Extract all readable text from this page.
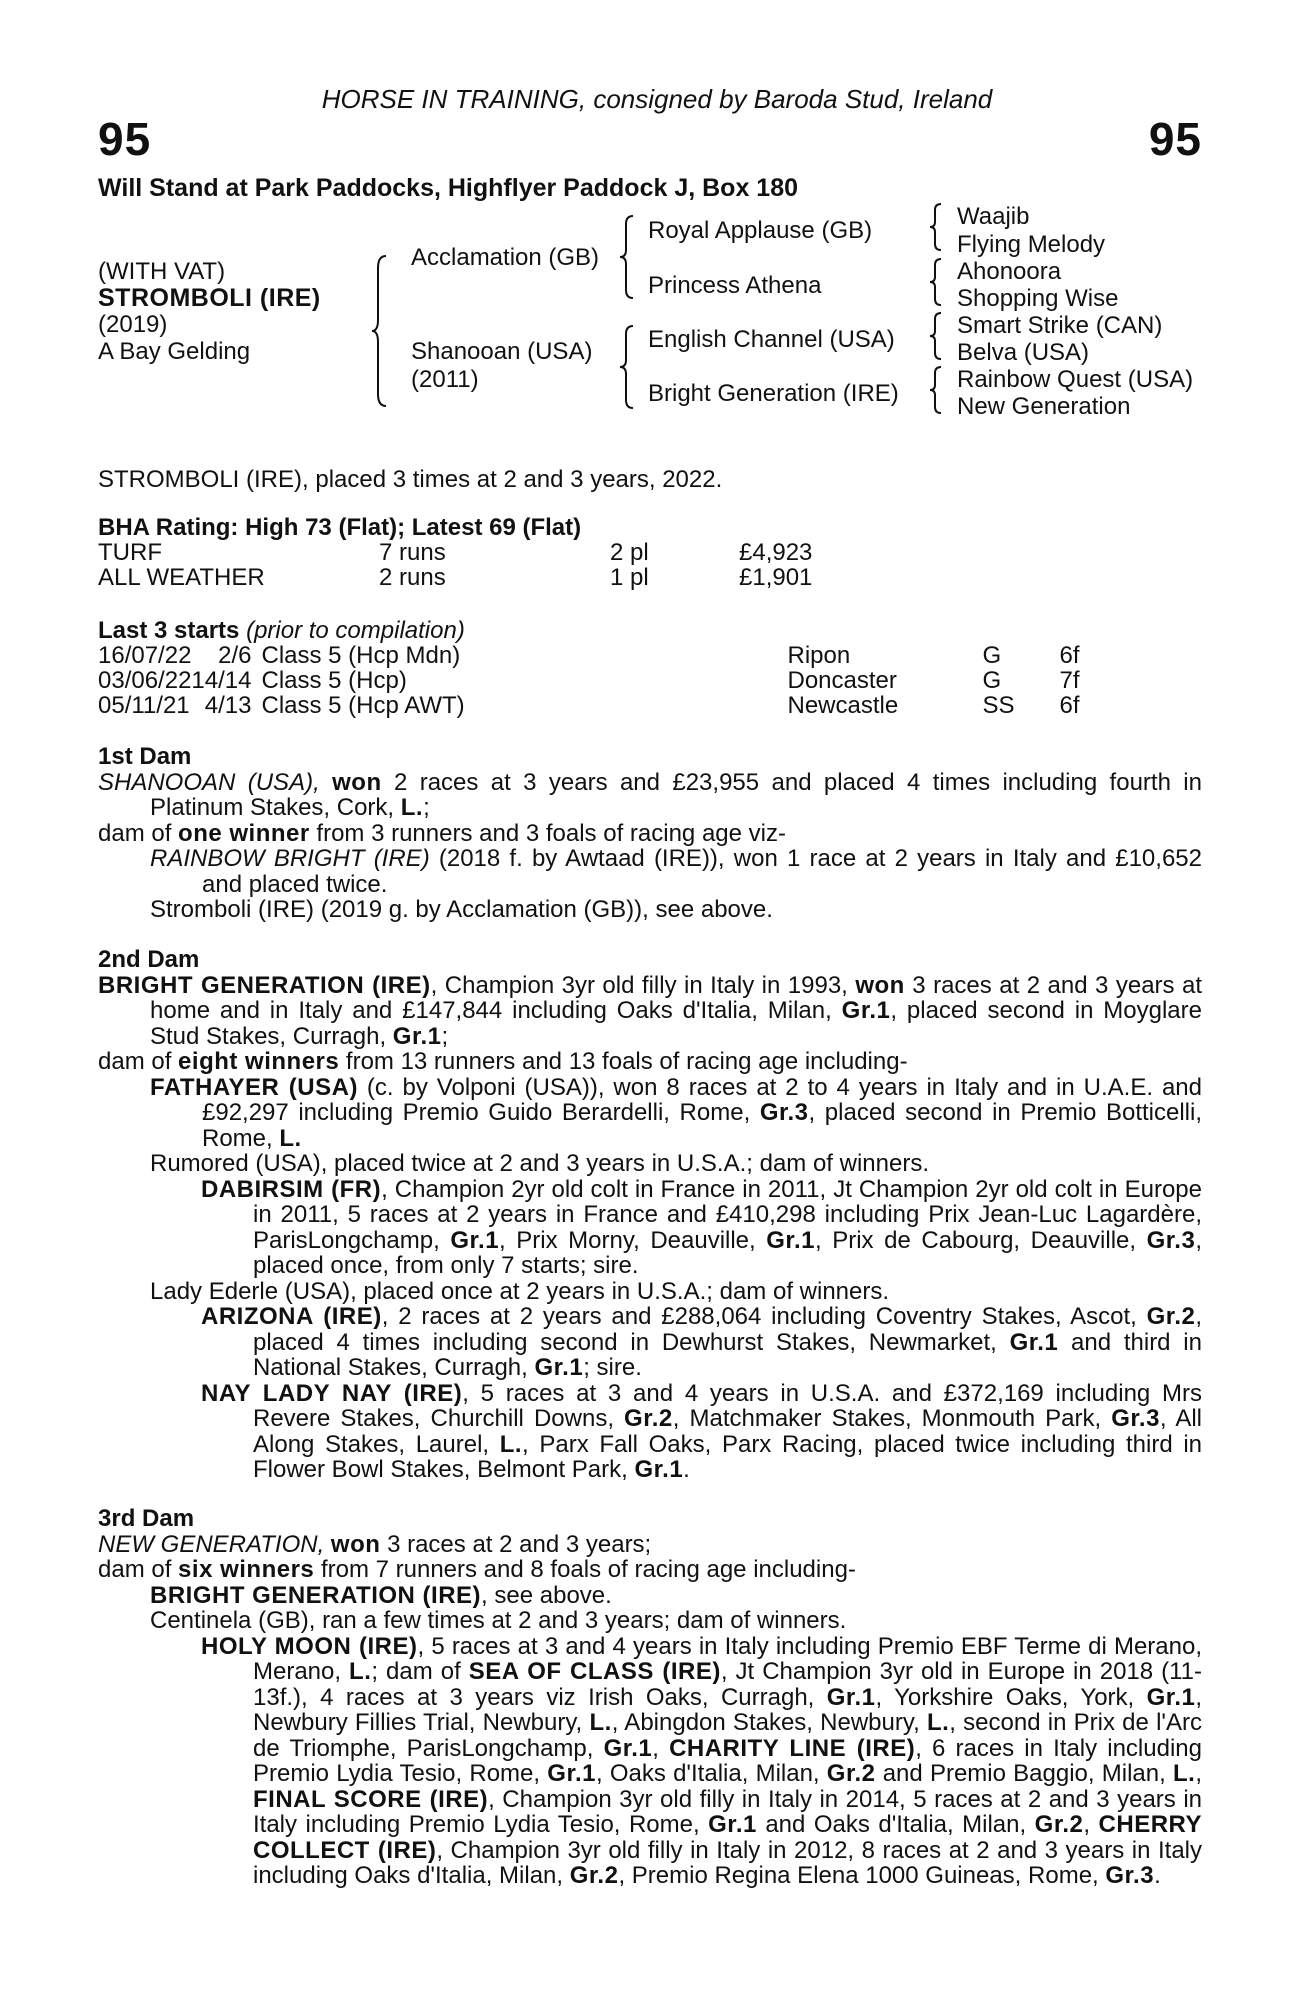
HORSE IN TRAINING, consigned by Baroda Stud, Ireland
95	95
Will Stand at Park Paddocks, Highflyer Paddock J, Box 180
(WITH VAT)
STROMBOLI (IRE)
(2019)
A Bay Gelding
Acclamation (GB)
Shanooan (USA)
(2011)
Royal Applause (GB)
Princess Athena
English Channel (USA)
Bright Generation (IRE)
Waajib
Flying Melody
Ahonoora
Shopping Wise
Smart Strike (CAN)
Belva (USA)
Rainbow Quest (USA)
New Generation
STROMBOLI (IRE), placed 3 times at 2 and 3 years, 2022.
BHA Rating: High 73 (Flat); Latest 69 (Flat)
TURF	7 runs	2 pl	£4,923
ALL WEATHER	2 runs	1 pl	£1,901
Last 3 starts (prior to compilation)
16/07/22	2/6	Class 5 (Hcp Mdn)	Ripon	G	6f
03/06/22	14/14	Class 5 (Hcp)	Doncaster	G	7f
05/11/21	4/13	Class 5 (Hcp AWT)	Newcastle	SS	6f
1st Dam

SHANOOAN (USA), won 2 races at 3 years and £23,955 and placed 4 times including fourth in Platinum Stakes, Cork, L.;

dam of one winner from 3 runners and 3 foals of racing age viz-

RAINBOW BRIGHT (IRE) (2018 f. by Awtaad (IRE)), won 1 race at 2 years in Italy and £10,652 and placed twice.

Stromboli (IRE) (2019 g. by Acclamation (GB)), see above.

2nd Dam

BRIGHT GENERATION (IRE), Champion 3yr old filly in Italy in 1993, won 3 races at 2 and 3 years at home and in Italy and £147,844 including Oaks d'Italia, Milan, Gr.1, placed second in Moyglare Stud Stakes, Curragh, Gr.1;

dam of eight winners from 13 runners and 13 foals of racing age including-

FATHAYER (USA) (c. by Volponi (USA)), won 8 races at 2 to 4 years in Italy and in U.A.E. and £92,297 including Premio Guido Berardelli, Rome, Gr.3, placed second in Premio Botticelli, Rome, L.

Rumored (USA), placed twice at 2 and 3 years in U.S.A.; dam of winners.

DABIRSIM (FR), Champion 2yr old colt in France in 2011, Jt Champion 2yr old colt in Europe in 2011, 5 races at 2 years in France and £410,298 including Prix Jean-Luc Lagardère, ParisLongchamp, Gr.1, Prix Morny, Deauville, Gr.1, Prix de Cabourg, Deauville, Gr.3, placed once, from only 7 starts; sire.

Lady Ederle (USA), placed once at 2 years in U.S.A.; dam of winners.

ARIZONA (IRE), 2 races at 2 years and £288,064 including Coventry Stakes, Ascot, Gr.2, placed 4 times including second in Dewhurst Stakes, Newmarket, Gr.1 and third in National Stakes, Curragh, Gr.1; sire.

NAY LADY NAY (IRE), 5 races at 3 and 4 years in U.S.A. and £372,169 including Mrs Revere Stakes, Churchill Downs, Gr.2, Matchmaker Stakes, Monmouth Park, Gr.3, All Along Stakes, Laurel, L., Parx Fall Oaks, Parx Racing, placed twice including third in Flower Bowl Stakes, Belmont Park, Gr.1.

3rd Dam

NEW GENERATION, won 3 races at 2 and 3 years;

dam of six winners from 7 runners and 8 foals of racing age including-

BRIGHT GENERATION (IRE), see above.

Centinela (GB), ran a few times at 2 and 3 years; dam of winners.

HOLY MOON (IRE), 5 races at 3 and 4 years in Italy including Premio EBF Terme di Merano, Merano, L.; dam of SEA OF CLASS (IRE), Jt Champion 3yr old in Europe in 2018 (11-13f.), 4 races at 3 years viz Irish Oaks, Curragh, Gr.1, Yorkshire Oaks, York, Gr.1, Newbury Fillies Trial, Newbury, L., Abingdon Stakes, Newbury, L., second in Prix de l'Arc de Triomphe, ParisLongchamp, Gr.1, CHARITY LINE (IRE), 6 races in Italy including Premio Lydia Tesio, Rome, Gr.1, Oaks d'Italia, Milan, Gr.2 and Premio Baggio, Milan, L., FINAL SCORE (IRE), Champion 3yr old filly in Italy in 2014, 5 races at 2 and 3 years in Italy including Premio Lydia Tesio, Rome, Gr.1 and Oaks d'Italia, Milan, Gr.2, CHERRY COLLECT (IRE), Champion 3yr old filly in Italy in 2012, 8 races at 2 and 3 years in Italy including Oaks d'Italia, Milan, Gr.2, Premio Regina Elena 1000 Guineas, Rome, Gr.3.
